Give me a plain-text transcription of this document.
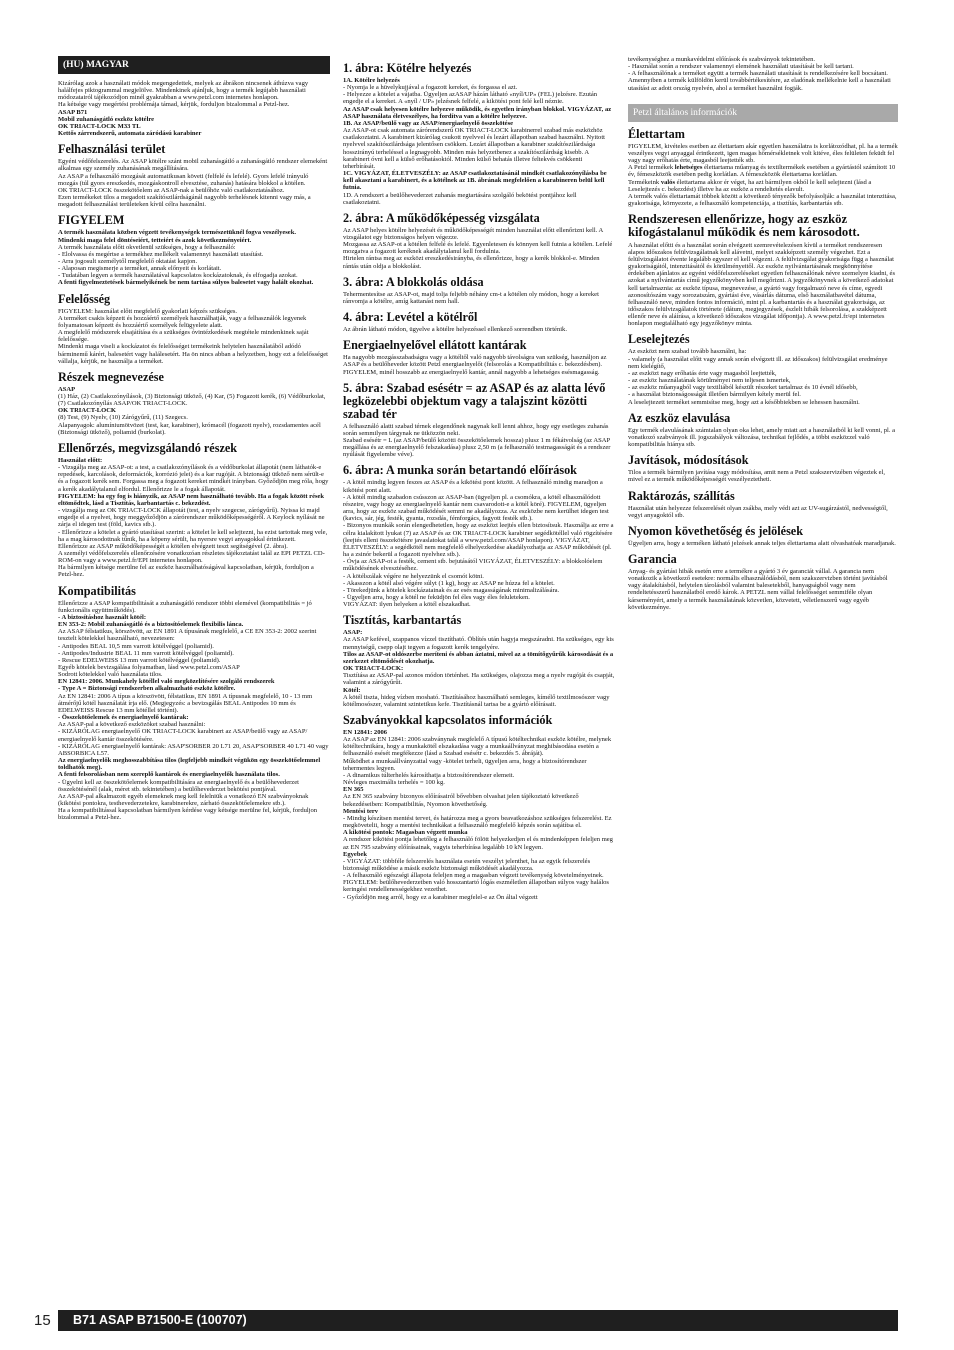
(HU) MAGYAR

Kizárólag azok a használati módok megengedettek, melyek az ábrákon nincsenek áthúzva vagy halálfejes piktogrammal megjelölve. Mindenkinek ajánljuk, hogy a termék legújabb használati módozatairól tájékozódjon minél gyakrabban a www.petzl.com internetes honlapon.

Ha kétsége vagy megértési problémája támad, kérjük, forduljon bizalommal a Petzl-hez.

ASAP B71

Mobil zuhanásgátló eszköz kötélre

OK TRIACT-LOCK M33 TL

Kettős zárrendszerű, automata záródású karabiner

Felhasználási terület

Egyéni védőfelszerelés. Az ASAP kötélre szánt mobil zuhanásgátló a zuhanásgátló rendszer elemeként alkalmas egy személy zuhanásának megállítására.

Az ASAP a felhasználó mozgását automatikusan követi (felfelé és lefelé). Gyors lefelé irányuló mozgás (túl gyors ereszkedés, mozgáskontroll elvesztése, zuhanás) hatására blokkol a kötélen.

OK TRIACT-LOCK összekötőelem az ASAP-nak a beülőhöz való csatlakoztatásához.

Ezen termékeket tilos a megadott szakítószilárdságánál nagyobb terhelésnek kitenni vagy más, a megadott felhasználási területeken kívül célra használni.

FIGYELEM

A termék használata közben végzett tevékenységek természetüknél fogva veszélyesek.

Mindenki maga felel döntéseiért, tetteiért és azok következményeiért.

A termék használata előtt okvetlenül szükséges, hogy a felhasználó:

- Elolvassa és megértse a termékhez mellékelt valamennyi használati utasítást.

- Arra jogosult személytől megfelelő oktatást kapjon.

- Alaposan megismerje a terméket, annak előnyeit és korlátait.

- Tudatában legyen a termék használatával kapcsolatos kockázatoknak, és elfogadja azokat.

A fenti figyelmeztetések bármelyikének be nem tartása súlyos balesetet vagy halált okozhat.

Felelősség

FIGYELEM: használat előtt megfelelő gyakorlati képzés szükséges.

A terméket csakis képzett és hozzáértő személyek használhatják, vagy a felhasználók legyenek folyamatosan képzett és hozzáértő személyek felügyelete alatt.

A megfelelő módszerek elsajátítása és a szükséges óvintézkedések megtétele mindenkinek saját felelőssége.

Mindenki maga viseli a kockázatot és felelősséget termékeink helytelen használatából adódó bárminemű kárért, balesetért vagy halálesetért. Ha ön nincs abban a helyzetben, hogy ezt a felelősséget vállalja, kérjük, ne használja a terméket.

Részek megnevezése

ASAP

(1) Ház, (2) Csatlakozónyílások, (3) Biztonsági ütköző, (4) Kar, (5) Fogazott kerék, (6) Védőburkolat, (7) Csatlakozónyílás ASAP/OK TRIACT-LOCK.

OK TRIACT-LOCK

(8) Test, (9) Nyelv, (10) Zárógyűrű, (11) Szegecs.

Alapanyagok: alumíniumötvözet (test, kar, karabiner), krómacél (fogazott nyelv), rozsdamentes acél (Biztonsági ütköző), poliamid (burkolat).

Ellenőrzés, megvizsgálandó részek

Használat előtt:

- Vizsgálja meg az ASAP-ot: a test, a csatlakozónyílások és a védőburkolat állapotát (nem láthatók-e repedések, karcolások, deformációk, korrózió jelei) és a kar rugóját. A biztonsági ütköző nem sérült-e és a fogazott kerék sem. Forgassa meg a fogazott kereket mindkét irányban. Győződjön meg róla, hogy a kerék akadálytalanul elfordul. Ellenőrizze le a fogak állapotát.

FIGYELEM: ha egy fog is hiányzik, az ASAP nem használható tovább. Ha a fogak között rések eltömődtek, lásd a Tisztítás, karbantartás c. bekezdést.

- vizsgálja meg az OK TRIACT-LOCK állapotát (test, a nyelv szegecse, zárógyűrű). Nyissa ki majd engedje el a nyelvet, hogy meggyőződjön a zárórendszer működőképességéről. A Keylock nyílását ne zárja el idegen test (föld, kavics stb.).

- Ellenőrizze a kötelet a gyártó utasításai szerint: a kötelet le kell selejtezni, ha ezist tartottak meg vele, ha a mag károsodottnak tűnik, ha a köpeny sérült, ha nyersre vegyi anyagokkal érintkezett.

Ellenőrizze az ASAP működőképességét a kötélen elvégzett teszt segítségével (2. ábra).

A személyi védőfelszerelés ellenőrzésére vonatkozóan részletes tájékoztatást talál az EPI PETZL CD-ROM-on vagy a www.petzl.fr/EPI internetes honlapon.

Ha bármilyen kétsége merülne fel az eszköz használhatóságával kapcsolatban, kérjük, forduljon a Petzl-hez.

Kompatibilitás

Ellenőrizze a ASAP kompatibilitását a zuhanásgátló rendszer többi elemével (kompatibilitás = jó funkcionális együttműködés).

- A biztosításhoz használt kötél:

EN 353-2: Mobil zuhanásgátló és a biztosítóelemek flexibilis lánca.

Az ASAP félstatikus, körszövött, az EN 1891 A típusának megfelelő, a CE EN 353-2: 2002 szerint tesztelt kötelekkel használható, nevezetesen:

- Antipodes BEAL 10,5 mm varrott kötélvéggel (poliamid).

- Antipodes/Industrie BEAL 11 mm varrott kötélvéggel (poliamid).

- Rescue EDELWEISS 13 mm varrott kötélvéggel (poliamid).

Egyéb kötelek bevizsgálása folyamatban, lásd www.petzl.com/ASAP

Sodrott kötelekkel való használata tilos.

EN 12841: 2006. Munkahely kötéllel való megközelítésére szolgáló rendszerek

- Type A = Biztonsági rendszerben alkalmazható eszköz kötélre.

Az EN 12841: 2006 A típus a körszövött, félstatikus, EN 1891 A típusnak megfelelő, 10 - 13 mm átmérőjű kötél használatát írja elő. (Megjegyzés: a bevizsgálás BEAL Antipodes 10 mm és EDELWEISS Rescue 13 mm kötéllel történt).

- Összekötőelemek és energiaelnyelő kantárak:

Az ASAP-pal a következő eszközöket szabad használni:

- KIZÁRÓLAG energiaelnyelő OK TRIACT-LOCK karabinert az ASAP/beülő vagy az ASAP/ energiaelnyelő kantár összekötésére.

- KIZÁRÓLAG energiaelnyelő kantárak: ASAP'SORBER 20 L71 20, ASAP'SORBER 40 L71 40 vagy ABSORBICA L57.

Az energiaelnyelők meghosszabbítása tilos (legfeljebb mindkét végükön egy összekötőelemmel toldhatók meg).

A fenti felsorolásban nem szereplő kantárok és energiaelnyelők használata tilos.

- Ügyelni kell az összekötőelemek kompatibilitására az energiaelnyelő és a beülőhevederzet összekötésénél (alak, méret stb. tekintetében) a beülőhevederzet bekötési pontjával.

Az ASAP-pal alkalmazott egyéb elemeknek meg kell felelniük a vonatkozó EN szabványoknak (kikötési pontokra, testhevederzetekre, karabinerekre, zárható összekötőelemekre stb.).

Ha a kompatibilitással kapcsolatban bármilyen kérdése vagy kétsége merülne fel, kérjük, forduljon bizalommal a Petzl-hez.

1. ábra: Kötélre helyezés

1A. Kötélre helyezés

- Nyomja le a hüvelykujjával a fogazott kereket, és forgassa el azt.

- Helyezze a kötelet a vájatba. Ügyeljen azASAP házán látható «nyíl/UP» (FEL) jelzésre. Ezután engedje el a kereket. A «nyíl / UP» jelzésnek felfelé, a kikötési pont felé kell néznie.

Az ASAP csak helyesen kötélre helyezve működik, és egyetlen irányban blokkol. VIGYÁZAT, az ASAP használata életveszélyes, ha fordítva van a kötélre helyezve.

1B. Az ASAP/beülő vagy az ASAP/energiaelnyelő összekötése

Az ASAP-ot csak automata zárórendszerű OK TRIACT-LOCK karabinerrel szabad más eszközhöz csatlakoztatni. A karabinert kizárólag csukott nyelvvel és lezárt állapotban szabad használni. Nyitott nyelvvel szakítószilárdsága jelentősen csökken. Lezárt állapotban a karabiner szakítószilárdsága hosszirányú terheléssel a legnagyobb. Minden más helyzetbenez a szakítószilárdság kisebb. A karabinert óvni kell a külső erőhatásoktól. Minden külső behatás illetve feltekvés csökkenti teherbírását.

1C. VIGYÁZAT, ÉLETVESZÉLY: az ASAP csatlakoztatásánál mindkét csatlakozónyílásba be kell akasztani a karabinert, és a kötélnek az 1B. ábrának megfelelően a karabineren belül kell futnia.

1D. A rendszert a beülőhevederzet zuhanás megtartására szolgáló bekötési pontjához kell csatlakoztatni.

2. ábra: A működőképesség vizsgálata

Az ASAP helyes kötélre helyezését és működőképességét minden használat előtt ellenőrizni kell. A vizsgálatot egy biztonságos helyen végezze.

Mozgassa az ASAP-ot a kötélen felfelé és lefelé. Egyenletesen és könnyen kell futnia a kötélen. Lefelé mozgatva a fogazott keréknek akadálytalanul kell fordulnia.

Hirtelen rántsa meg az eszközt ereszkedésirányba, és ellenőrizze, hogy a kerék blokkol-e. Minden rántás után oldja a blokkolást.

3. ábra: A blokkolás oldása

Tehermentesítse az ASAP-ot, majd tolja feljebb néhány cm-t a kötélen oly módon, hogy a kereket ránvomja a kötélre, amíg kattanást nem hall.

4. ábra: Levétel a kötélről

Az ábrán látható módon, ügyelve a kötélre helyezéssel ellenkező sorrendben történik.

Energiaelnyelővel ellátott kantárak

Ha nagyobb mozgásszabadságra vagy a kötéltől való nagyobb távolságra van szükség, használjon az ASAP és a beülőheveder között Petzl energiaelnyelőt (felsorolás a Kompatibilitás c. bekezdésben).

FIGYELEM, minél hosszabb az energiaelnyelő kantár, annál nagyobb a lehetséges esésmagasság.

5. ábra: Szabad esésétr = az ASAP és az alatta lévő legközelebbi objektum vagy a talajszint közötti szabad tér

A felhasználó alatti szabad térnek elegendőnek nagynak kell lenni ahhoz, hogy egy esetleges zuhanás során semmilyen tárgynak ne ütközzön neki.

Szabad esésétr = L (az ASAP/beülő közötti összekötőelemek hossza) plusz 1 m fékátvolság (az ASAP megállása és az energiaelnyelő felszakadása) plusz 2,50 m (a felhasználó testmagasságát és a rendszer nyúlását figyelembe véve).

6. ábra: A munka során betartandó előírások

- A kötél mindig legyen feszes az ASAP és a kikötési pont között. A felhasználó mindig maradjon a kikötési pont alatt.

- A kötél mindig szabadon csússzon az ASAP-ban (ügyeljen pl. a csomókra, a kötél elhasználódott részeire, vagy hogy az energiaelnyelő kantár nem csavarodott-e a kötél köré). FIGYELEM, ügyeljen arra, hogy az eszköz szabad működését semmi ne akadályozza. Az eszközbe nem kerülhet idegen test (kavics, sár, jég, festék, gyanta, rozsdás, fémforgács, fagyott festék stb.).

- Bizonyos munkák során elengedhetetlen, hogy az eszközt leejtés ellen biztosítsuk. Használja az erre a célra kialakított lyukat (7) az ASAP és az OK TRIACT-LOCK karabiner segédkötéllel való rögzítésére (leejtés elleni összekötésre javaslatokat talál a www.petzl.com/ASAP honlapon). VIGYÁZAT, ÉLETVESZÉLY: a segédkötél nem megfelelő elhelyezkedése akadályozhatja az ASAP működését (pl. ha a zsinór bekerül a fogazott nyelvhez stb.).

- Óvja az ASAP-ot a festék, cement stb. bejutásától VIGYÁZAT, ÉLETVESZÉLY: a blokkolóelem működésének elvesztéséhez.

- A kötélszálak végére ne helyezzünk el csomót kötni.

- Akasszon a kötél alsó végére súlyt (1 kg), hogy az ASAP ne húzza fel a kötelet.

- Törekedjünk a kötelek kockázatainak és az esés magasságának minimalizálására.

- Ügyeljen arra, hogy a kötél ne feküdjön fel éles vagy éles feluleteken.

VIGYÁZAT: ilyen helyeken a kötél elszakadhat.

Tisztítás, karbantartás

ASAP:

Az ASAP kefével, szappanos vízzel tisztítható. Öblítés után hagyja megszáradni. Ha szükséges, egy kis mennyiségű, csepp olajt tegyen a fogazott kerék tengelyére.

Tilos az ASAP-ot oldószerbe meríteni és abban áztatni, mivel az a tömítőgyűrűk károsodását és a szerkezet eltömődését okozhatja.

OK TRIACT-LOCK:

Tisztítása az ASAP-pal azonos módon történhet. Ha szükséges, olajozza meg a nyelv rugóját és csapját, valamint a zárógyűrűt.

Kötél:

A kötél tiszta, hideg vízben mosható. Tisztításához használható semleges, kímélő textilmosószer vagy kötélmosószer, valamint szintetikus kefe. Tisztításnál tartsa be a gyártó előírásait.

Szabványokkal kapcsolatos információk

EN 12841: 2006

Az ASAP az EN 12841: 2006 szabványnak megfelelő A típusú kötéltechnikai eszköz kötélre, melynek kötéltechnikára, hogy a munkakötél elszakadása vagy a munkaállványzat meghibásodása esetén a felhasználó esését megfékezze (lásd a Szabad esésétr c. bekezdés 5. ábráját).

Működhet a munkaállványzattal vagy -kötelet terheli, ügyeljen arra, hogy a biztosítórendszer tehermentes legyen.

- A dinamikus túlterhelés károsíthatja a biztosítórendszer elemeit.

Névleges maximális terhelés = 100 kg.

EN 365

Az EN 365 szabvány bizonyos előírásairól bővebben olvashat jelen tájékoztató következő bekezdéseiben: Kompatibilitás, Nyomon követhetőség.

Mentési terv

- Mindig készítsen mentési tervet, és határozza meg a gyors beavatkozáshoz szükséges felszerelést. Ez megkövetelii, hogy a mentési technikákat a felhasználó megfelelő képzés során sajátítsa el.

A kikötési pontok: Magasban végzett munka

A rendszer kikötési pontja lehetőleg a felhasználó fölött helyezkedjen el és mindenképpen feleljen meg az EN 795 szabvány előírásainak, vagyis teherbírása legalább 10 kN legyen.

Egyebek

- VIGYÁZAT: többféle felszerelés használata esetén veszélyt jelenthet, ha az egyik felszerelés biztonsági működése a másik eszköz biztonsági működését akadályozza.

- A felhasználó egészségi állapota feleljen meg a magasban végzett tevékenység követelményeinek. FIGYELEM: beülőhevederzetben való hosszantartó lógás eszméletlen állapotban súlyos vagy halálos keringési rendellenességekhez vezethet.

- Győződjön meg arról, hogy ez a karabiner megfelel-e az Ön által végzett

tevékenységhez a munkavédelmi előírások és szabványok tekintetében.

- Használat során a rendszer valamennyi elemének használati utasítását be kell tartani.

- A felhasználónak a terméket együtt a termék használati utasítását is rendelkezésére kell bocsátani. Amennyiben a termék külföldön kerül továbbértékesítésre, az eladónak mellékelnie kell a használati utasítást az adott ország nyelvén, ahol a terméket használni fogják.

Petzl általános információk
Élettartam

FIGYELEM, kivételes esetben az élettartam akár egyetlen használatra is korlátozódhat, pl. ha a termék veszélyes vegyi anyaggal érintkezett, igen magas hőmérsékletnek volt kitéve, éles felületen feküdt fel vagy nagy erőhatás érte, magasból leejtették stb.

A Petzl termékek lehetséges élettartama műanyag és textiltermékek esetében a gyártástól számított 10 év, fémeszközök esetében pedig korlátlan. A fémeszközök élettartama korlátlan.

Termékeink valós élettartama akkor ér véget, ha azt bármilyen okból le kell selejtezni (lásd a Leselejtezés c. bekezdést) illetve ha az eszköz a rendeltetés elavult.

A termék valós élettartamát többek között a következő tényezők befolyásolják: a használat intenzitása, gyakorisága, környezete, a felhasználó kompetenciája, a tisztítás, karbantartás stb.

Rendszeresen ellenőrizze, hogy az eszköz kifogástalanul működik és nem károsodott.

A használat előtti és a használat során elvégzett szemrevételezésen kívül a terméket rendszeresen alapos időszakos felülvizsgálatnak kell alávetni, melyet szakképzett személy végezhet. Ezt a felülvizsgálatot évente legalább egyszer el kell végezni. A felülvizsgálat gyakorisága függ a használat gyakoriságától, intenzitásától és körülményeitől. Az eszköz nyilvántartásának megkönnyítése érdekében ajánlatos az egyéni védőfelszereléseket egyetlen felhasználónak névre szemelyre kiadni, és azokat a nyilvántartás című jegyzőkönyvben kell megőrizni. A jegyzőkönyvnek a következő adatokat kell tartalmaznia: az eszköz típusa, megnevezése, a gyártó vagy forgalmazó neve és címe, egyedi azonosítószám vagy sorozatszám, gyártási éve, vásárlás dátuma, első használatbavétel dátuma, felhasználó neve, minden fontos információ, mint pl. a karbantartás és a használat gyakorisága, az időszakos felülvizsgálatok története (dátum, megjegyzések, észlelt hibák felsorolása, a szakképzett ellenőr neve és aláírása, a következő időszakos vizsgálat időpontja). A www.petzl.fr/epi internetes honlapon megtalálható egy jegyzőkönyv minta.

Leselejtezés

Az eszközt nem szabad tovább használni, ha:

- valamely (a használat előtt vagy annak során elvégzett ill. az időszakos) felülvizsgálat eredménye nem kielégítő,

- az eszközt nagy erőhatás érte vagy magasból leejtették,

- az eszköz használatának körülményei nem teljesen ismertek,

- az eszköz műanyagból vagy textiliából készült részeket tartalmaz és 10 évnél idősebb,

- a használat biztonságosságát illetően bármilyen kétely merül fel.

A leselejtezett terméket semmisítse meg, hogy azt a későbbiekben se lehessen használni.

Az eszköz elavulása

Egy termék elavulásának számtalan olyan oka lehet, amely miatt azt a használatból ki kell vonni, pl. a vonatkozó szabványok ill. jogszabályok változása, technikai fejlődés, a többi eszközzel való kompatibilitás hiánya stb.

Javítások, módosítások

Tilos a termék bármilyen javítása vagy módosítása, amit nem a Petzl szakszervizében végeztek el, mivel ez a termék működőképességét veszélyeztetheti.

Raktározás, szállítás

Használat után helyezze felszerelését olyan zsákba, mely védi azt az UV-sugárzástól, nedvességtől, vegyi anyagoktól stb.

Nyomon követhetőség és jelölések

Ügyeljen arra, hogy a terméken látható jelzések annak teljes élettartama alatt olvashatóak maradjanak.

Garancia

Anyag- és gyártási hibák esetén erre a termékre a gyártó 3 év garanciát vállal. A garancia nem vonatkozik a következő esetekre: normális elhasználódásból, nem szakszervizben történt javításból vagy átalakításból, helytelen tárolásból valamint balesetekből, hanyagságból vagy nem rendeltetésszerű használatból eredő károk. A PETZL nem vállal felelősséget semmiféle olyan kárseményért, amely a termék használatának közvetlen, közvetett, véletlenszerű vagy egyéb következménye.

15	B71 ASAP B71500-E (100707)
